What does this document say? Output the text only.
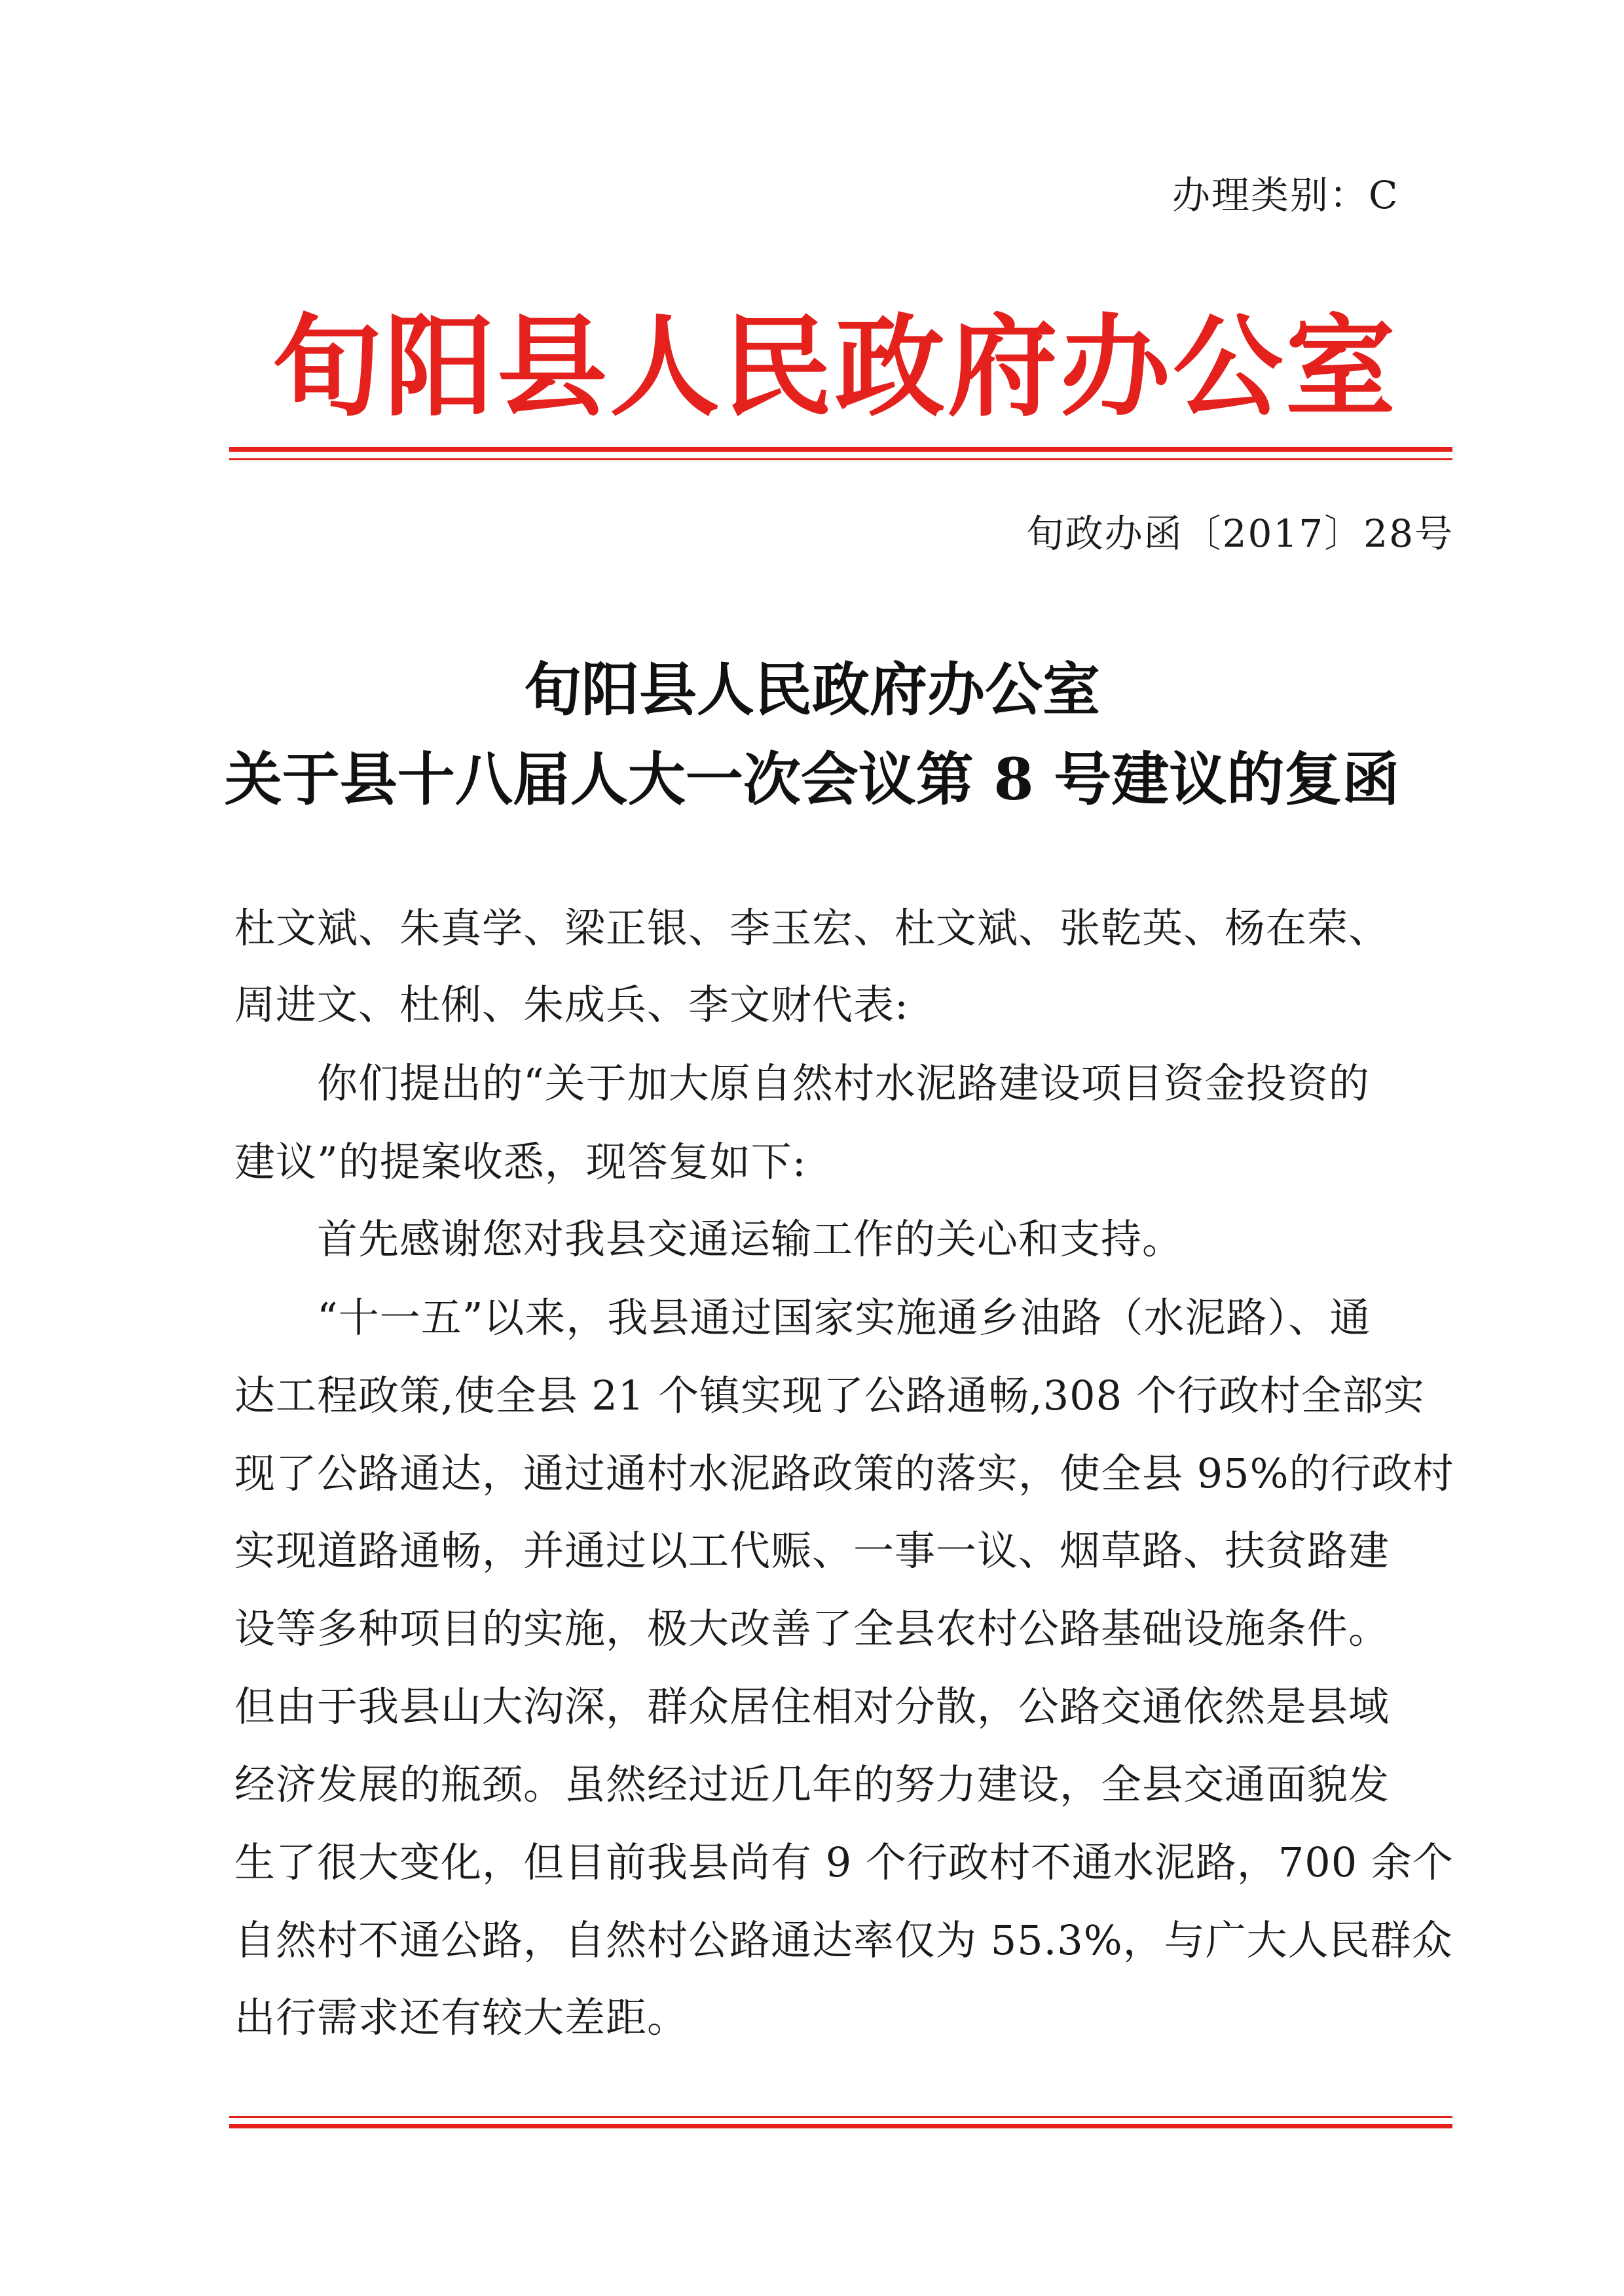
办理类别：C
旬阳县人民政府办公室
旬政办函〔2017〕28号
旬阳县人民政府办公室
关于县十八届人大一次会议第 8 号建议的复函
杜文斌、朱真学、梁正银、李玉宏、杜文斌、张乾英、杨在荣、
周进文、杜俐、朱成兵、李文财代表:
　　你们提出的“关于加大原自然村水泥路建设项目资金投资的
建议”的提案收悉，现答复如下:
　　首先感谢您对我县交通运输工作的关心和支持。
　　“十一五”以来，我县通过国家实施通乡油路（水泥路）、通
达工程政策,使全县 21 个镇实现了公路通畅,308 个行政村全部实
现了公路通达，通过通村水泥路政策的落实，使全县 95%的行政村
实现道路通畅，并通过以工代赈、一事一议、烟草路、扶贫路建
设等多种项目的实施，极大改善了全县农村公路基础设施条件。
但由于我县山大沟深，群众居住相对分散，公路交通依然是县域
经济发展的瓶颈。虽然经过近几年的努力建设，全县交通面貌发
生了很大变化，但目前我县尚有 9 个行政村不通水泥路，700 余个
自然村不通公路，自然村公路通达率仅为 55.3%，与广大人民群众
出行需求还有较大差距。
